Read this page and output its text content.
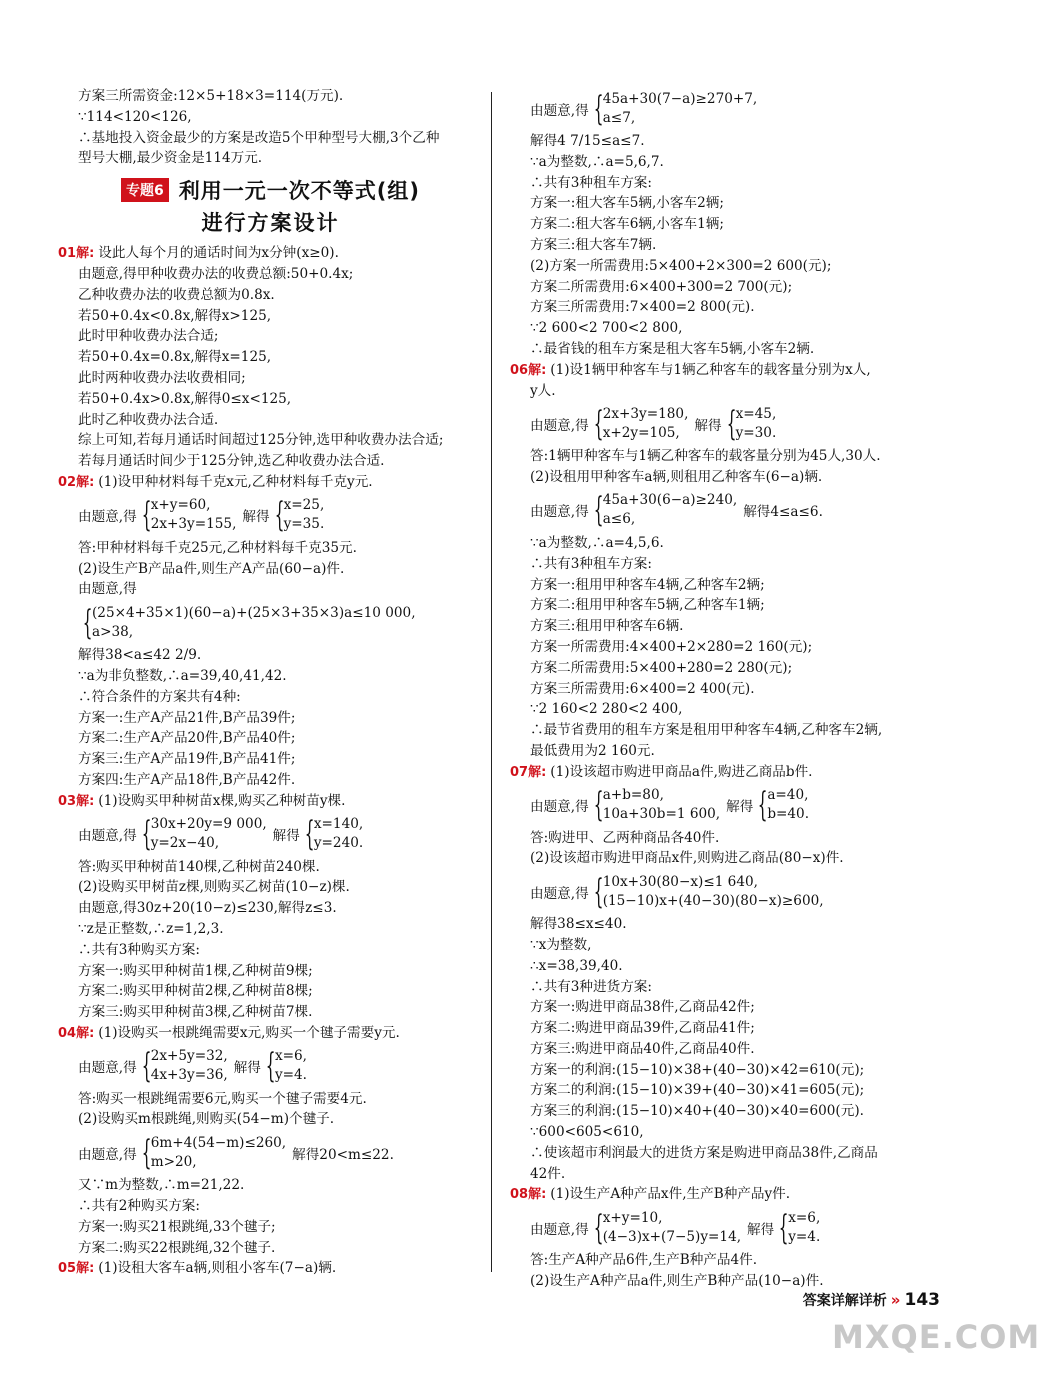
方案三所需资金:12×5+18×3=114(万元).
∵114<120<126,
∴基地投入资金最少的方案是改造5个甲种型号大棚,3个乙种
型号大棚,最少资金是114万元.
专题6 利用一元一次不等式(组)
进行方案设计
01解: 设此人每个月的通话时间为x分钟(x≥0).
由题意,得甲种收费办法的收费总额:50+0.4x;
乙种收费办法的收费总额为0.8x.
若50+0.4x<0.8x,解得x>125,
此时甲种收费办法合适;
若50+0.4x=0.8x,解得x=125,
此时两种收费办法收费相同;
若50+0.4x>0.8x,解得0≤x<125,
此时乙种收费办法合适.
综上可知,若每月通话时间超过125分钟,选甲种收费办法合适;
若每月通话时间少于125分钟,选乙种收费办法合适.
02解: (1)设甲种材料每千克x元,乙种材料每千克y元.
由题意,得 { x+y=60,
2x+3y=155, 解得 { x=25,
y=35.
答:甲种材料每千克25元,乙种材料每千克35元.
(2)设生产B产品a件,则生产A产品(60−a)件.
由题意,得
{ (25×4+35×1)(60−a)+(25×3+35×3)a≤10 000,
a>38,
解得38<a≤42 2/9.
∵a为非负整数,∴a=39,40,41,42.
∴符合条件的方案共有4种:
方案一:生产A产品21件,B产品39件;
方案二:生产A产品20件,B产品40件;
方案三:生产A产品19件,B产品41件;
方案四:生产A产品18件,B产品42件.
03解: (1)设购买甲种树苗x棵,购买乙种树苗y棵.
由题意,得 { 30x+20y=9 000,
y=2x−40,	解得 { x=140,
y=240.
答:购买甲种树苗140棵,乙种树苗240棵.
(2)设购买甲树苗z棵,则购买乙树苗(10−z)棵.
由题意,得30z+20(10−z)≤230,解得z≤3.
∵z是正整数,∴z=1,2,3.
∴共有3种购买方案:
方案一:购买甲种树苗1棵,乙种树苗9棵;
方案二:购买甲种树苗2棵,乙种树苗8棵;
方案三:购买甲种树苗3棵,乙种树苗7棵.
04解: (1)设购买一根跳绳需要x元,购买一个毽子需要y元.
由题意,得 { 2x+5y=32,
4x+3y=36, 解得 { x=6,
y=4.
答:购买一根跳绳需要6元,购买一个毽子需要4元.
(2)设购买m根跳绳,则购买(54−m)个毽子.
由题意,得 { 6m+4(54−m)≤260,
m>20,	解得20<m≤22.
又∵m为整数,∴m=21,22.
∴共有2种购买方案:
方案一:购买21根跳绳,33个毽子;
方案二:购买22根跳绳,32个毽子.
05解: (1)设租大客车a辆,则租小客车(7−a)辆.
由题意,得 { 45a+30(7−a)≥270+7,
a≤7,
解得4 7/15≤a≤7.
∵a为整数,∴a=5,6,7.
∴共有3种租车方案:
方案一:租大客车5辆,小客车2辆;
方案二:租大客车6辆,小客车1辆;
方案三:租大客车7辆.
(2)方案一所需费用:5×400+2×300=2 600(元);
方案二所需费用:6×400+300=2 700(元);
方案三所需费用:7×400=2 800(元).
∵2 600<2 700<2 800,
∴最省钱的租车方案是租大客车5辆,小客车2辆.
06解: (1)设1辆甲种客车与1辆乙种客车的载客量分别为x人,
y人.
由题意,得 { 2x+3y=180,
x+2y=105,	解得 { x=45,
y=30.
答:1辆甲种客车与1辆乙种客车的载客量分别为45人,30人.
(2)设租用甲种客车a辆,则租用乙种客车(6−a)辆.
由题意,得 { 45a+30(6−a)≥240,
a≤6,	解得4≤a≤6.
∵a为整数,∴a=4,5,6.
∴共有3种租车方案:
方案一:租用甲种客车4辆,乙种客车2辆;
方案二:租用甲种客车5辆,乙种客车1辆;
方案三:租用甲种客车6辆.
方案一所需费用:4×400+2×280=2 160(元);
方案二所需费用:5×400+280=2 280(元);
方案三所需费用:6×400=2 400(元).
∵2 160<2 280<2 400,
∴最节省费用的租车方案是租用甲种客车4辆,乙种客车2辆,
最低费用为2 160元.
07解: (1)设该超市购进甲商品a件,购进乙商品b件.
由题意,得 { a+b=80,
10a+30b=1 600, 解得 { a=40,
b=40.
答:购进甲、乙两种商品各40件.
(2)设该超市购进甲商品x件,则购进乙商品(80−x)件.
由题意,得 { 10x+30(80−x)≤1 640,
(15−10)x+(40−30)(80−x)≥600,
解得38≤x≤40.
∵x为整数,
∴x=38,39,40.
∴共有3种进货方案:
方案一:购进甲商品38件,乙商品42件;
方案二:购进甲商品39件,乙商品41件;
方案三:购进甲商品40件,乙商品40件.
方案一的利润:(15−10)×38+(40−30)×42=610(元);
方案二的利润:(15−10)×39+(40−30)×41=605(元);
方案三的利润:(15−10)×40+(40−30)×40=600(元).
∵600<605<610,
∴使该超市利润最大的进货方案是购进甲商品38件,乙商品
42件.
08解: (1)设生产A种产品x件,生产B种产品y件.
由题意,得 { x+y=10,
(4−3)x+(7−5)y=14, 解得 { x=6,
y=4.
答:生产A种产品6件,生产B种产品4件.
(2)设生产A种产品a件,则生产B种产品(10−a)件.
答案详解详析 » 143
MXQE.COM
